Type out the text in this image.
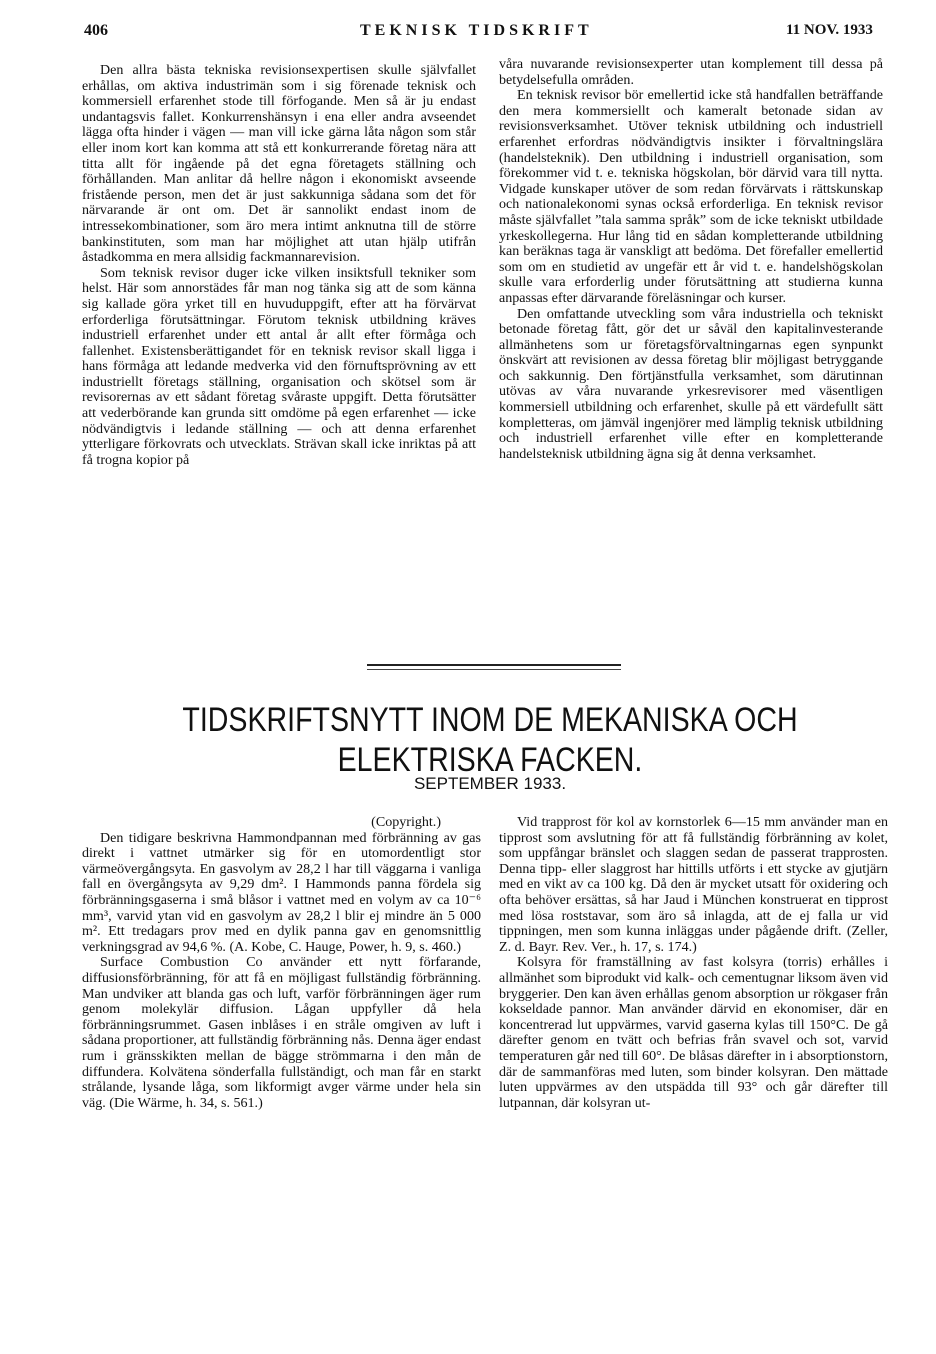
406	TEKNISK TIDSKRIFT	11 NOV. 1933

Den allra bästa tekniska revisionsexpertisen skulle självfallet erhållas, om aktiva industrimän som i sig förenade teknisk och kommersiell erfarenhet stode till förfogande. Men så är ju endast undantagsvis fallet. Konkurrenshänsyn i ena eller andra avseendet lägga ofta hinder i vägen — man vill icke gärna låta någon som står eller inom kort kan komma att stå ett konkurrerande företag nära att titta allt för ingående på det egna företagets ställning och förhållanden. Man anlitar då hellre någon i ekonomiskt avseende fristående person, men det är just sakkunniga sådana som det för närvarande är ont om. Det är sannolikt endast inom de intressekombinationer, som äro mera intimt anknutna till de större bankinstituten, som man har möjlighet att utan hjälp utifrån åstadkomma en mera allsidig fackmannarevision.

Som teknisk revisor duger icke vilken insiktsfull tekniker som helst. Här som annorstädes får man nog tänka sig att de som känna sig kallade göra yrket till en huvuduppgift, efter att ha förvärvat erforderliga förutsättningar. Förutom teknisk utbildning kräves industriell erfarenhet under ett antal år allt efter förmåga och fallenhet. Existensberättigandet för en teknisk revisor skall ligga i hans förmåga att ledande medverka vid den förnuftsprövning av ett industriellt företags ställning, organisation och skötsel som är revisorernas av ett sådant företag svåraste uppgift. Detta förutsätter att vederbörande kan grunda sitt omdöme på egen erfarenhet — icke nödvändigtvis i ledande ställning — och att denna erfarenhet ytterligare förkovrats och utvecklats. Strävan skall icke inriktas på att få trogna kopior på

våra nuvarande revisionsexperter utan komplement till dessa på betydelsefulla områden.

En teknisk revisor bör emellertid icke stå handfallen beträffande den mera kommersiellt och kameralt betonade sidan av revisionsverksamhet. Utöver teknisk utbildning och industriell erfarenhet erfordras nödvändigtvis insikter i förvaltningslära (handelsteknik). Den utbildning i industriell organisation, som förekommer vid t. e. tekniska högskolan, bör därvid vara till nytta. Vidgade kunskaper utöver de som redan förvärvats i rättskunskap och nationalekonomi synas också erforderliga. En teknisk revisor måste självfallet ”tala samma språk” som de icke tekniskt utbildade yrkeskollegerna. Hur lång tid en sådan kompletterande utbildning kan beräknas taga är vanskligt att bedöma. Det förefaller emellertid som om en studietid av ungefär ett år vid t. e. handelshögskolan skulle vara erforderlig under förutsättning att studierna kunna anpassas efter därvarande föreläsningar och kurser.

Den omfattande utveckling som våra industriella och tekniskt betonade företag fått, gör det ur såväl den kapitalinvesterande allmänhetens som ur företagsförvaltningarnas egen synpunkt önskvärt att revisionen av dessa företag blir möjligast betryggande och sakkunnig. Den förtjänstfulla verksamhet, som därutinnan utövas av våra nuvarande yrkesrevisorer med väsentligen kommersiell utbildning och erfarenhet, skulle på ett värdefullt sätt kompletteras, om jämväl ingenjörer med lämplig teknisk utbildning och industriell erfarenhet ville efter en kompletterande handelsteknisk utbildning ägna sig åt denna verksamhet.

TIDSKRIFTSNYTT INOM DE MEKANISKA OCH
ELEKTRISKA FACKEN.
SEPTEMBER 1933.
(Copyright.)

Den tidigare beskrivna Hammondpannan med förbränning av gas direkt i vattnet utmärker sig för en utomordentligt stor värmeövergångsyta. En gasvolym av 28,2 l har till väggarna i vanliga fall en övergångsyta av 9,29 dm². I Hammonds panna fördela sig förbränningsgaserna i små blåsor i vattnet med en volym av ca 10⁻⁶ mm³, varvid ytan vid en gasvolym av 28,2 l blir ej mindre än 5 000 m². Ett tredagars prov med en dylik panna gav en genomsnittlig verkningsgrad av 94,6 %. (A. Kobe, C. Hauge, Power, h. 9, s. 460.)

Surface Combustion Co använder ett nytt förfarande, diffusionsförbränning, för att få en möjligast fullständig förbränning. Man undviker att blanda gas och luft, varför förbränningen äger rum genom molekylär diffusion. Lågan uppfyller då hela förbränningsrummet. Gasen inblåses i en stråle omgiven av luft i sådana proportioner, att fullständig förbränning nås. Denna äger endast rum i gränsskikten mellan de bägge strömmarna i den mån de diffundera. Kolvätena sönderfalla fullständigt, och man får en starkt strålande, lysande låga, som likformigt avger värme under hela sin väg. (Die Wärme, h. 34, s. 561.)

Vid trapprost för kol av kornstorlek 6—15 mm använder man en tipprost som avslutning för att få fullständig förbränning av kolet, som uppfångar bränslet och slaggen sedan de passerat trapprosten. Denna tipp- eller slaggrost har hittills utförts i ett stycke av gjutjärn med en vikt av ca 100 kg. Då den är mycket utsatt för oxidering och ofta behöver ersättas, så har Jaud i München konstruerat en tipprost med lösa roststavar, som äro så inlagda, att de ej falla ur vid tippningen, men som kunna inläggas under pågående drift. (Zeller, Z. d. Bayr. Rev. Ver., h. 17, s. 174.)

Kolsyra för framställning av fast kolsyra (torris) erhålles i allmänhet som biprodukt vid kalk- och cementugnar liksom även vid bryggerier. Den kan även erhållas genom absorption ur rökgaser från kokseldade pannor. Man använder därvid en ekonomiser, där en koncentrerad lut uppvärmes, varvid gaserna kylas till 150°C. De gå därefter genom en tvätt och befrias från svavel och sot, varvid temperaturen går ned till 60°. De blåsas därefter in i absorptionstorn, där de sammanföras med luten, som binder kolsyran. Den mättade luten uppvärmes av den utspädda till 93° och går därefter till lutpannan, där kolsyran ut-
